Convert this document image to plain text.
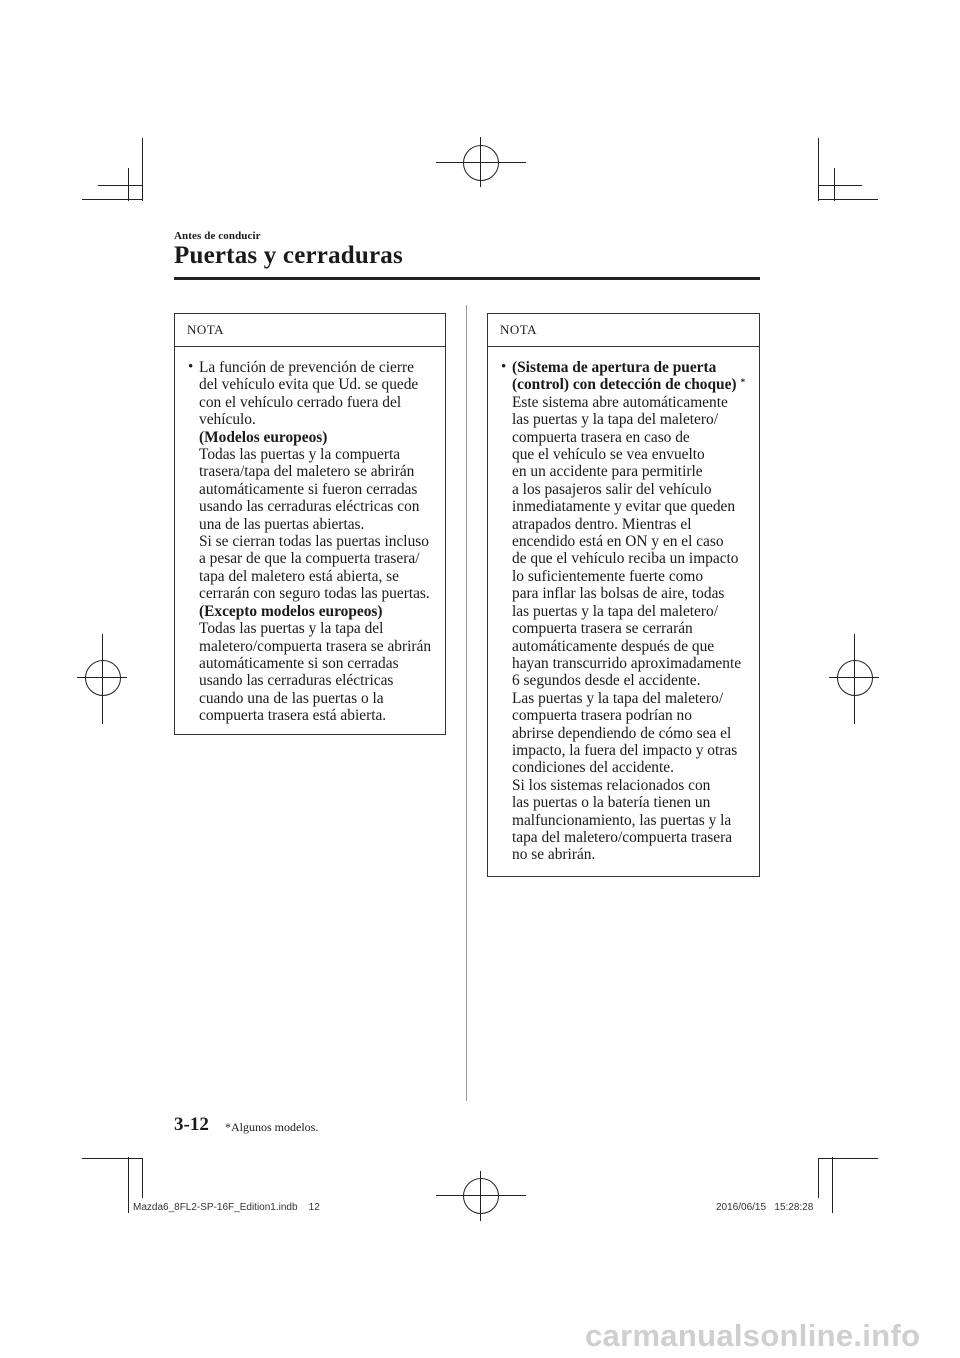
Antes de conducir
Puertas y cerraduras
NOTA
• La función de prevención de cierre

del vehículo evita que Ud. se quede

con el vehículo cerrado fuera del

vehículo.

(Modelos europeos)

Todas las puertas y la compuerta

trasera/tapa del maletero se abrirán

automáticamente si fueron cerradas

usando las cerraduras eléctricas con

una de las puertas abiertas.

Si se cierran todas las puertas incluso

a pesar de que la compuerta trasera/

tapa del maletero está abierta, se

cerrarán con seguro todas las puertas.

(Excepto modelos europeos)

Todas las puertas y la tapa del

maletero/compuerta trasera se abrirán

automáticamente si son cerradas

usando las cerraduras eléctricas

cuando una de las puertas o la

compuerta trasera está abierta.

NOTA
• (Sistema de apertura de puerta

(control) con detección de choque) *

Este sistema abre automáticamente

las puertas y la tapa del maletero/

compuerta trasera en caso de

que el vehículo se vea envuelto

en un accidente para permitirle

a los pasajeros salir del vehículo

inmediatamente y evitar que queden

atrapados dentro. Mientras el

encendido está en ON y en el caso

de que el vehículo reciba un impacto

lo suficientemente fuerte como

para inflar las bolsas de aire, todas

las puertas y la tapa del maletero/

compuerta trasera se cerrarán

automáticamente después de que

hayan transcurrido aproximadamente

6 segundos desde el accidente.

Las puertas y la tapa del maletero/

compuerta trasera podrían no

abrirse dependiendo de cómo sea el

impacto, la fuera del impacto y otras

condiciones del accidente.

Si los sistemas relacionados con

las puertas o la batería tienen un

malfuncionamiento, las puertas y la

tapa del maletero/compuerta trasera

no se abrirán.

3-12 *Algunos modelos.
Mazda6_8FL2-SP-16F_Edition1.indb    12	2016/06/15   15:28:28
carmanualsonline.info
